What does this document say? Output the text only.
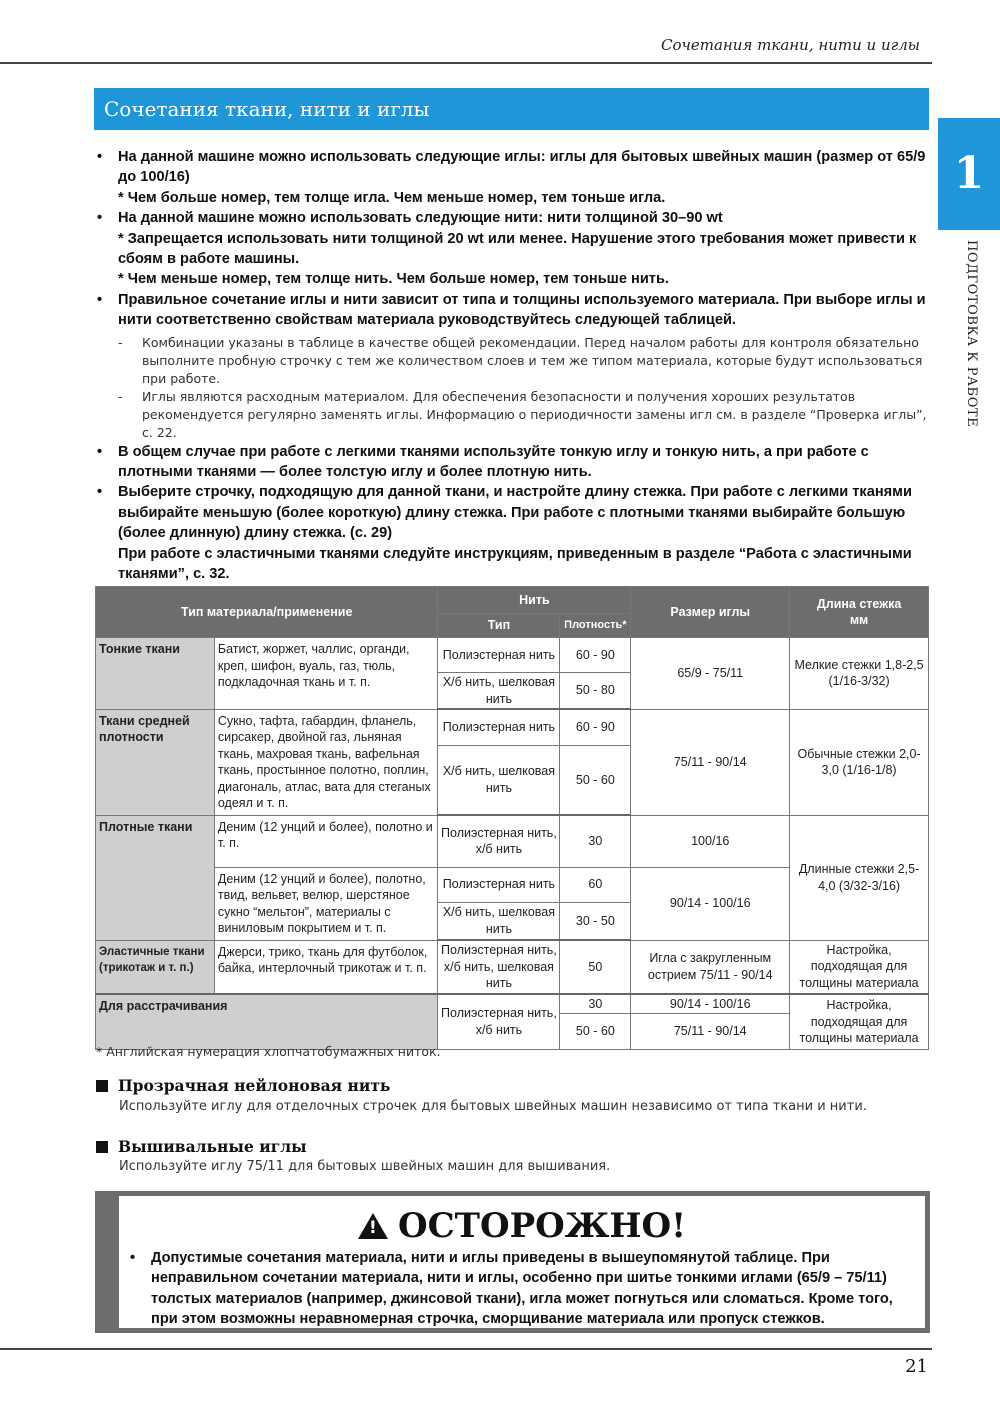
Сочетания ткани, нити и иглы
Сочетания ткани, нити и иглы
1
ПОДГОТОВКА К РАБОТЕ

• На данной машине можно использовать следующие иглы: иглы для бытовых швейных машин (размер от 65/9 до 100/16)

* Чем больше номер, тем толще игла. Чем меньше номер, тем тоньше игла.

• На данной машине можно использовать следующие нити: нити толщиной 30–90 wt

* Запрещается использовать нити толщиной 20 wt или менее. Нарушение этого требования может привести к сбоям в работе машины.

* Чем меньше номер, тем толще нить. Чем больше номер, тем тоньше нить.

• Правильное сочетание иглы и нити зависит от типа и толщины используемого материала. При выборе иглы и нити соответственно свойствам материала руководствуйтесь следующей таблицей.

- Комбинации указаны в таблице в качестве общей рекомендации. Перед началом работы для контроля обязательно выполните пробную строчку с тем же количеством слоев и тем же типом материала, которые будут использоваться при работе.
- Иглы являются расходным материалом. Для обеспечения безопасности и получения хороших результатов рекомендуется регулярно заменять иглы. Информацию о периодичности замены игл см. в разделе “Проверка иглы”, с. 22.

• В общем случае при работе с легкими тканями используйте тонкую иглу и тонкую нить, а при работе с плотными тканями — более толстую иглу и более плотную нить.

• Выберите строчку, подходящую для данной ткани, и настройте длину стежка. При работе с легкими тканями выбирайте меньшую (более короткую) длину стежка. При работе с плотными тканями выбирайте большую (более длинную) длину стежка. (с. 29)

При работе с эластичными тканями следуйте инструкциям, приведенным в разделе “Работа с эластичными тканями”, с. 32.

Тип материала/применение		Нить		Размер иглы	Длина стежка
мм

		Тип	Плотность*		
Тонкие ткани	Батист, жоржет, чаллис, органди, креп, шифон, вуаль, газ, тюль, подкладочная ткань и т. п.	Полиэстерная нить	60 - 90	65/9 - 75/11	Мелкие стежки 1,8-2,5 (1/16-3/32)
		Х/б нить, шелковая нить	50 - 80		
Ткани средней плотности	Сукно, тафта, габардин, фланель, сирсакер, двойной газ, льняная ткань, махровая ткань, вафельная ткань, простынное полотно, поплин, диагональ, атлас, вата для стеганых одеял и т. п.	Полиэстерная нить	60 - 90	75/11 - 90/14	Обычные стежки 2,0-3,0 (1/16-1/8)
		Х/б нить, шелковая нить	50 - 60		
Плотные ткани	Деним (12 унций и более), полотно и т. п.	Полиэстерная нить, х/б нить	30	100/16	Длинные стежки 2,5-4,0 (3/32-3/16)
	Деним (12 унций и более), полотно, твид, вельвет, велюр, шерстяное сукно “мельтон”, материалы с виниловым покрытием и т. п.	Полиэстерная нить	60	90/14 - 100/16	
		Х/б нить, шелковая нить	30 - 50		
Эластичные ткани (трикотаж и т. п.)	Джерси, трико, ткань для футболок, байка, интерлочный трикотаж и т. п.	Полиэстерная нить, х/б нить, шелковая нить	50	Игла с закругленным острием 75/11 - 90/14	Настройка, подходящая для толщины материала
Для расстрачивания		Полиэстерная нить, х/б нить	30	90/14 - 100/16	Настройка, подходящая для толщины материала
			50 - 60	75/11 - 90/14	
* Английская нумерация хлопчатобумажных ниток.
Прозрачная нейлоновая нить
Используйте иглу для отделочных строчек для бытовых швейных машин независимо от типа ткани и нити.
Вышивальные иглы
Используйте иглу 75/11 для бытовых швейных машин для вышивания.
!ОСТОРОЖНО!
• Допустимые сочетания материала, нити и иглы приведены в вышеупомянутой таблице. При неправильном сочетании материала, нити и иглы, особенно при шитье тонкими иглами (65/9 – 75/11) толстых материалов (например, джинсовой ткани), игла может погнуться или сломаться. Кроме того, при этом возможны неравномерная строчка, сморщивание материала или пропуск стежков.
21
